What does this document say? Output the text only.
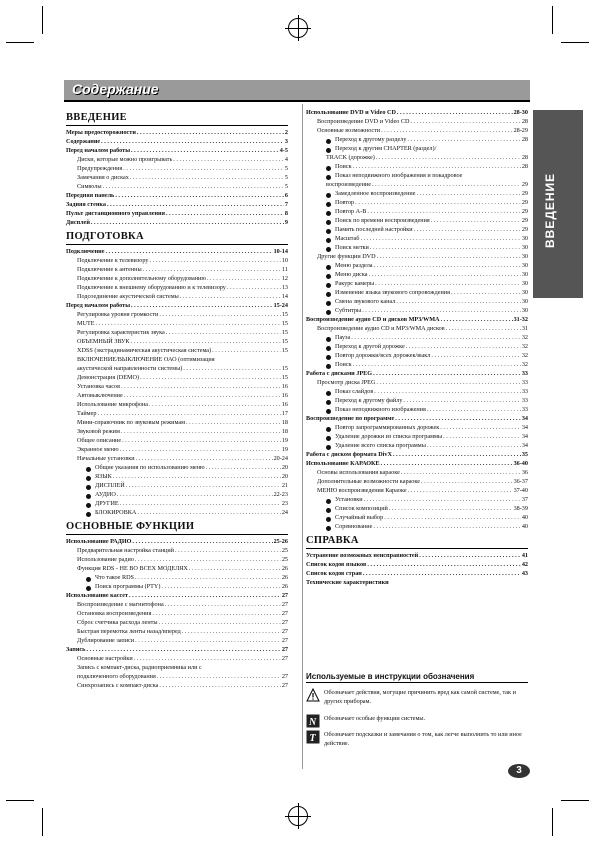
Содержание
ВВЕДЕНИЕ
ВВЕДЕНИЕ
Меры предосторожности . . .	2
Содержание . . .	3
Перед началом работы . . .	4-5
Диски, которые можно проигрывать . . .	4
Предупреждения . . .	5
Замечания о дисках . . .	5
Символы . . .	5
Передняя панель . . .	6
Задняя стенка . . .	7
Пульт дистанционного управления . . .	8
Дисплей . . .	9
ПОДГОТОВКА
Подключение . . .	10-14
Подключение к телевизору . . .	10
Подключение к антенны . . .	11
Подключение к дополнительному оборудованию . . .	12
Подключение к внешнему оборудованию и к телевизору . . .	13
Подсоединение акустической системы . . .	14
Перед началом работы . . .	15-24
Регулировка уровня громкости . . .	15
MUTE . . .	15
Регулировка характеристик звука . . .	15
ОБЪЕМНЫЙ ЗВУК . . .	15
XDSS (экстрадинамическая акустическая система) . . .	15
ВКЛЮЧЕНИЕ/ВЫКЛЮЧЕНИЕ ОАО (оптимизация
акустической направленности системы) . . .	15
Демонстрация (DEMO) . . .	15
Установка часов . . .	16
Автовыключение . . .	16
Использование микрофона . . .	16
Таймер . . .	17
Мини-справочник по звуковым режимам . . .	18
Звуковой режим . . .	18
Общее описание . . .	19
Экранное меню . . .	19
Начальные установки . . .	20-24
Общие указания по использованию меню . . .	20
ЯЗЫК . . .	20
ДИСПЛЕЙ . . .	21
АУДИО . . .	22-23
ДРУГИЕ . . .	23
БЛОКИРОВКА . . .	24
ОСНОВНЫЕ ФУНКЦИИ
Использование РАДИО . . .	25-26
Предварительная настройка станций . . .	25
Использование радио . . .	25
Функция RDS - НЕ ВО ВСЕХ МОДЕЛЯХ . . .	26
Что такое RDS . . .	26
Поиск программы (PTY) . . .	26
Использование кассет . . .	27
Воспроизведение с магнитофона . . .	27
Остановка воспроизведения . . .	27
Сброс счетчика расхода ленты . . .	27
Быстрая перемотка ленты назад/вперед . . .	27
Дублирование записи . . .	27
Запись . . .	27
Основные настройки . . .	27
Запись с компакт-диска, радиоприемника или с
подключенного оборудования . . .	27
Синхрозапись с компакт-диска . . .	27
Использование DVD и Video CD . . .	28-30
Воспроизведение DVD и Video CD . . .	28
Основные возможности . . .	28-29
Переход к другому разделу . . .	28
Переход к другим CHAPTER (раздел)/
TRACK (дорожке) . . .	28
Поиск . . .	28
Показ неподвижного изображения и покадровое
воспроизведение . . .	29
Замедленное воспроизведение . . .	29
Повтор . . .	29
Повтор А-В . . .	29
Поиск по времени воспроизведения . . .	29
Память последней настройки . . .	29
Масштаб . . .	30
Поиск метки . . .	30
Другие функции DVD . . .	30
Меню раздела . . .	30
Меню диска . . .	30
Ракурс камеры . . .	30
Изменение языка звукового сопровождения . . .	30
Смена звукового канал . . .	30
Субтитры . . .	30
Воспроизведение аудио CD и дисков MP3/WMA . . .	31-32
Воспроизведение аудио CD и MP3/WMA дисков . . .	31
Пауза . . .	32
Переход к другой дорожке . . .	32
Повтор дорожки/всех дорожек/выкл . . .	32
Поиск . . .	32
Работа с дисками JPEG . . .	33
Просмотр диска JPEG . . .	33
Показ слайдов . . .	33
Переход к другому файлу . . .	33
Показ неподвижного изображения . . .	33
Воспроизведение по программе . . .	34
Повтор запрограммированных дорожек . . .	34
Удаление дорожки из списка программы . . .	34
Удаление всего списка программы . . .	34
Работа с диском формата DivX . . .	35
Использование КАРАОКЕ . . .	36-40
Основы использования караоке . . .	36
Дополнительные возможности караоке . . .	36-37
МЕНЮ воспроизведения Караоке . . .	37-40
Установки . . .	37
Список композиций . . .	38-39
Случайный выбор . . .	40
Соревнование . . .	40
СПРАВКА
Устранение возможных неисправностей . . .	41
Список кодов языков . . .	42
Список кодов стран . . .	43
Технические характеристики
Используемые в инструкции обозначения
Обозначает действия, могущие причинить вред как самой системе, так и других приборам.
N Обозначает особые функции системы.
T Обозначает подсказки и замечания о том, как легче выполнить то или иное действие.
3
